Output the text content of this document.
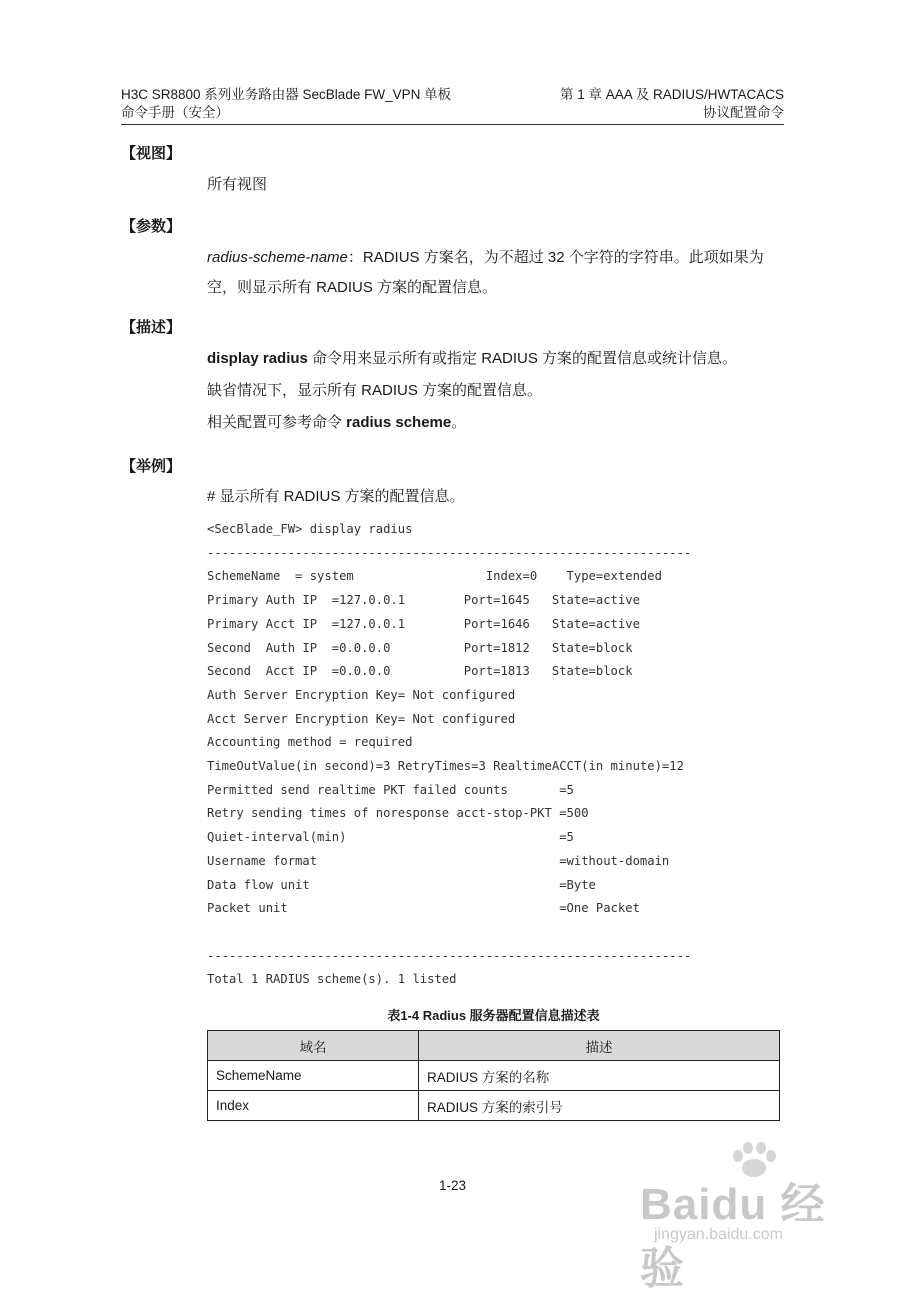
H3C SR8800 系列业务路由器 SecBlade FW_VPN 单板	第 1 章 AAA 及 RADIUS/HWTACACS
命令手册（安全）	协议配置命令
【视图】
所有视图
【参数】
radius-scheme-name：RADIUS 方案名，为不超过 32 个字符的字符串。此项如果为空，则显示所有 RADIUS 方案的配置信息。
【描述】
display radius 命令用来显示所有或指定 RADIUS 方案的配置信息或统计信息。
缺省情况下，显示所有 RADIUS 方案的配置信息。
相关配置可参考命令 radius scheme。
【举例】
# 显示所有 RADIUS 方案的配置信息。
<SecBlade_FW> display radius
------------------------------------------------------------------
SchemeName  = system                  Index=0    Type=extended
Primary Auth IP  =127.0.0.1        Port=1645   State=active
Primary Acct IP  =127.0.0.1        Port=1646   State=active
Second  Auth IP  =0.0.0.0          Port=1812   State=block
Second  Acct IP  =0.0.0.0          Port=1813   State=block
Auth Server Encryption Key= Not configured
Acct Server Encryption Key= Not configured
Accounting method = required
TimeOutValue(in second)=3 RetryTimes=3 RealtimeACCT(in minute)=12
Permitted send realtime PKT failed counts       =5
Retry sending times of noresponse acct-stop-PKT =500
Quiet-interval(min)                             =5
Username format                                 =without-domain
Data flow unit                                  =Byte
Packet unit                                     =One Packet

------------------------------------------------------------------
Total 1 RADIUS scheme(s). 1 listed
表1-4 Radius 服务器配置信息描述表
域名	描述
SchemeName	RADIUS 方案的名称
Index	RADIUS 方案的索引号
1-23	Baidu 经验
jingyan.baidu.com
